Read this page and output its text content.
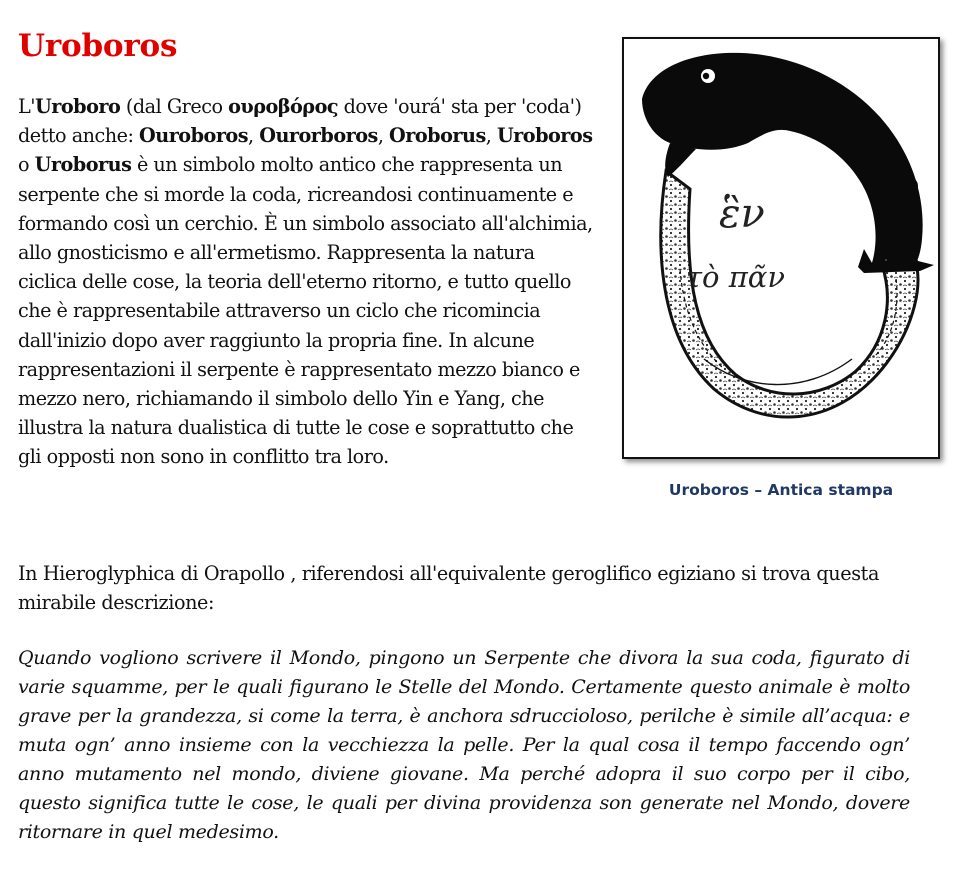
Uroboros

L'Uroboro (dal Greco ουροβόρος dove 'ourá' sta per 'coda') detto anche: Ouroboros, Ourorboros, Oroborus, Uroboros o Uroborus è un simbolo molto antico che rappresenta un serpente che si morde la coda, ricreandosi continuamente e formando così un cerchio. È un simbolo associato all'alchimia, allo gnosticismo e all'ermetismo. Rappresenta la natura ciclica delle cose, la teoria dell'eterno ritorno, e tutto quello che è rappresentabile attraverso un ciclo che ricomincia dall'inizio dopo aver raggiunto la propria fine. In alcune rappresentazioni il serpente è rappresentato mezzo bianco e mezzo nero, richiamando il simbolo dello Yin e Yang, che illustra la natura dualistica di tutte le cose e soprattutto che gli opposti non sono in conflitto tra loro.

ἓν
τὸ πᾶν

Uroboros – Antica stampa

In Hieroglyphica di Orapollo , riferendosi all'equivalente geroglifico egiziano si trova questa mirabile descrizione:

Quando vogliono scrivere il Mondo, pingono un Serpente che divora la sua coda, figurato di varie squamme, per le quali figurano le Stelle del Mondo. Certamente questo animale è molto grave per la grandezza, si come la terra, è anchora sdruccioloso, perilche è simile all’acqua: e muta ogn’ anno insieme con la vecchiezza la pelle. Per la qual cosa il tempo faccendo ogn’ anno mutamento nel mondo, diviene giovane. Ma perché adopra il suo corpo per il cibo, questo significa tutte le cose, le quali per divina providenza son generate nel Mondo, dovere ritornare in quel medesimo.
